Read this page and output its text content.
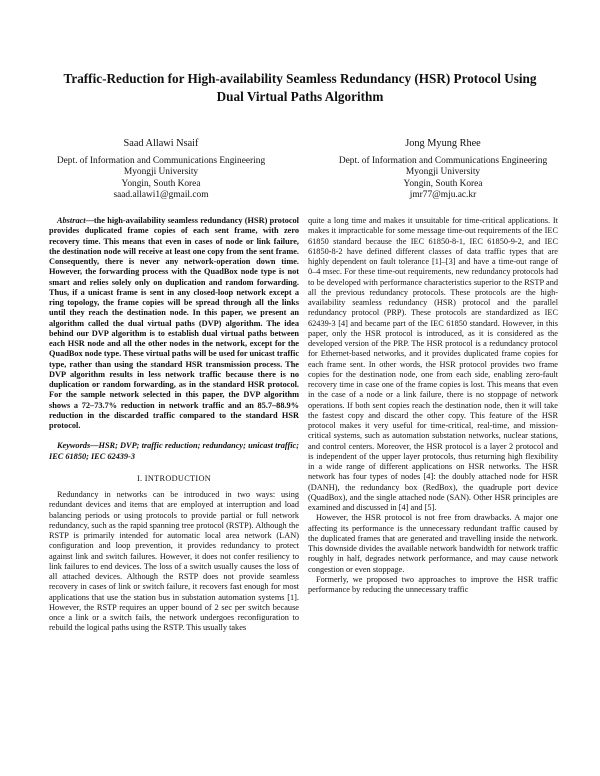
Traffic-Reduction for High-availability Seamless Redundancy (HSR) Protocol Using Dual Virtual Paths Algorithm
Saad Allawi Nsaif
Dept. of Information and Communications Engineering
Myongji University
Yongin, South Korea
saad.allawi1@gmail.com
Jong Myung Rhee
Dept. of Information and Communications Engineering
Myongji University
Yongin, South Korea
jmr77@mju.ac.kr

Abstract—the high-availability seamless redundancy (HSR) protocol provides duplicated frame copies of each sent frame, with zero recovery time. This means that even in cases of node or link failure, the destination node will receive at least one copy from the sent frame. Consequently, there is never any network-operation down time. However, the forwarding process with the QuadBox node type is not smart and relies solely only on duplication and random forwarding. Thus, if a unicast frame is sent in any closed-loop network except a ring topology, the frame copies will be spread through all the links until they reach the destination node. In this paper, we present an algorithm called the dual virtual paths (DVP) algorithm. The idea behind our DVP algorithm is to establish dual virtual paths between each HSR node and all the other nodes in the network, except for the QuadBox node type. These virtual paths will be used for unicast traffic type, rather than using the standard HSR transmission process. The DVP algorithm results in less network traffic because there is no duplication or random forwarding, as in the standard HSR protocol. For the sample network selected in this paper, the DVP algorithm shows a 72–73.7% reduction in network traffic and an 85.7–88.9% reduction in the discarded traffic compared to the standard HSR protocol.

Keywords—HSR; DVP; traffic reduction; redundancy; unicast traffic; IEC 61850; IEC 62439-3

I. INTRODUCTION

Redundancy in networks can be introduced in two ways: using redundant devices and items that are employed at interruption and load balancing periods or using protocols to provide partial or full network redundancy, such as the rapid spanning tree protocol (RSTP). Although the RSTP is primarily intended for automatic local area network (LAN) configuration and loop prevention, it provides redundancy to protect against link and switch failures. However, it does not confer resiliency to link failures to end devices. The loss of a switch usually causes the loss of all attached devices. Although the RSTP does not provide seamless recovery in cases of link or switch failure, it recovers fast enough for most applications that use the station bus in substation automation systems [1]. However, the RSTP requires an upper bound of 2 sec per switch because once a link or a switch fails, the network undergoes reconfiguration to rebuild the logical paths using the RSTP. This usually takes

quite a long time and makes it unsuitable for time-critical applications. It makes it impracticable for some message time-out requirements of the IEC 61850 standard because the IEC 61850-8-1, IEC 61850-9-2, and IEC 61850-8-2 have defined different classes of data traffic types that are highly dependent on fault tolerance [1]–[3] and have a time-out range of 0–4 msec. For these time-out requirements, new redundancy protocols had to be developed with performance characteristics superior to the RSTP and all the previous redundancy protocols. These protocols are the high-availability seamless redundancy (HSR) protocol and the parallel redundancy protocol (PRP). These protocols are standardized as IEC 62439-3 [4] and became part of the IEC 61850 standard. However, in this paper, only the HSR protocol is introduced, as it is considered as the developed version of the PRP. The HSR protocol is a redundancy protocol for Ethernet-based networks, and it provides duplicated frame copies for each frame sent. In other words, the HSR protocol provides two frame copies for the destination node, one from each side, enabling zero-fault recovery time in case one of the frame copies is lost. This means that even in the case of a node or a link failure, there is no stoppage of network operations. If both sent copies reach the destination node, then it will take the fastest copy and discard the other copy. This feature of the HSR protocol makes it very useful for time-critical, real-time, and mission-critical systems, such as automation substation networks, nuclear stations, and control centers. Moreover, the HSR protocol is a layer 2 protocol and is independent of the upper layer protocols, thus returning high flexibility in a wide range of different applications on HSR networks. The HSR network has four types of nodes [4]: the doubly attached node for HSR (DANH), the redundancy box (RedBox), the quadruple port device (QuadBox), and the single attached node (SAN). Other HSR principles are examined and discussed in [4] and [5].

However, the HSR protocol is not free from drawbacks. A major one affecting its performance is the unnecessary redundant traffic caused by the duplicated frames that are generated and travelling inside the network. This downside divides the available network bandwidth for network traffic roughly in half, degrades network performance, and may cause network congestion or even stoppage.

Formerly, we proposed two approaches to improve the HSR traffic performance by reducing the unnecessary traffic
